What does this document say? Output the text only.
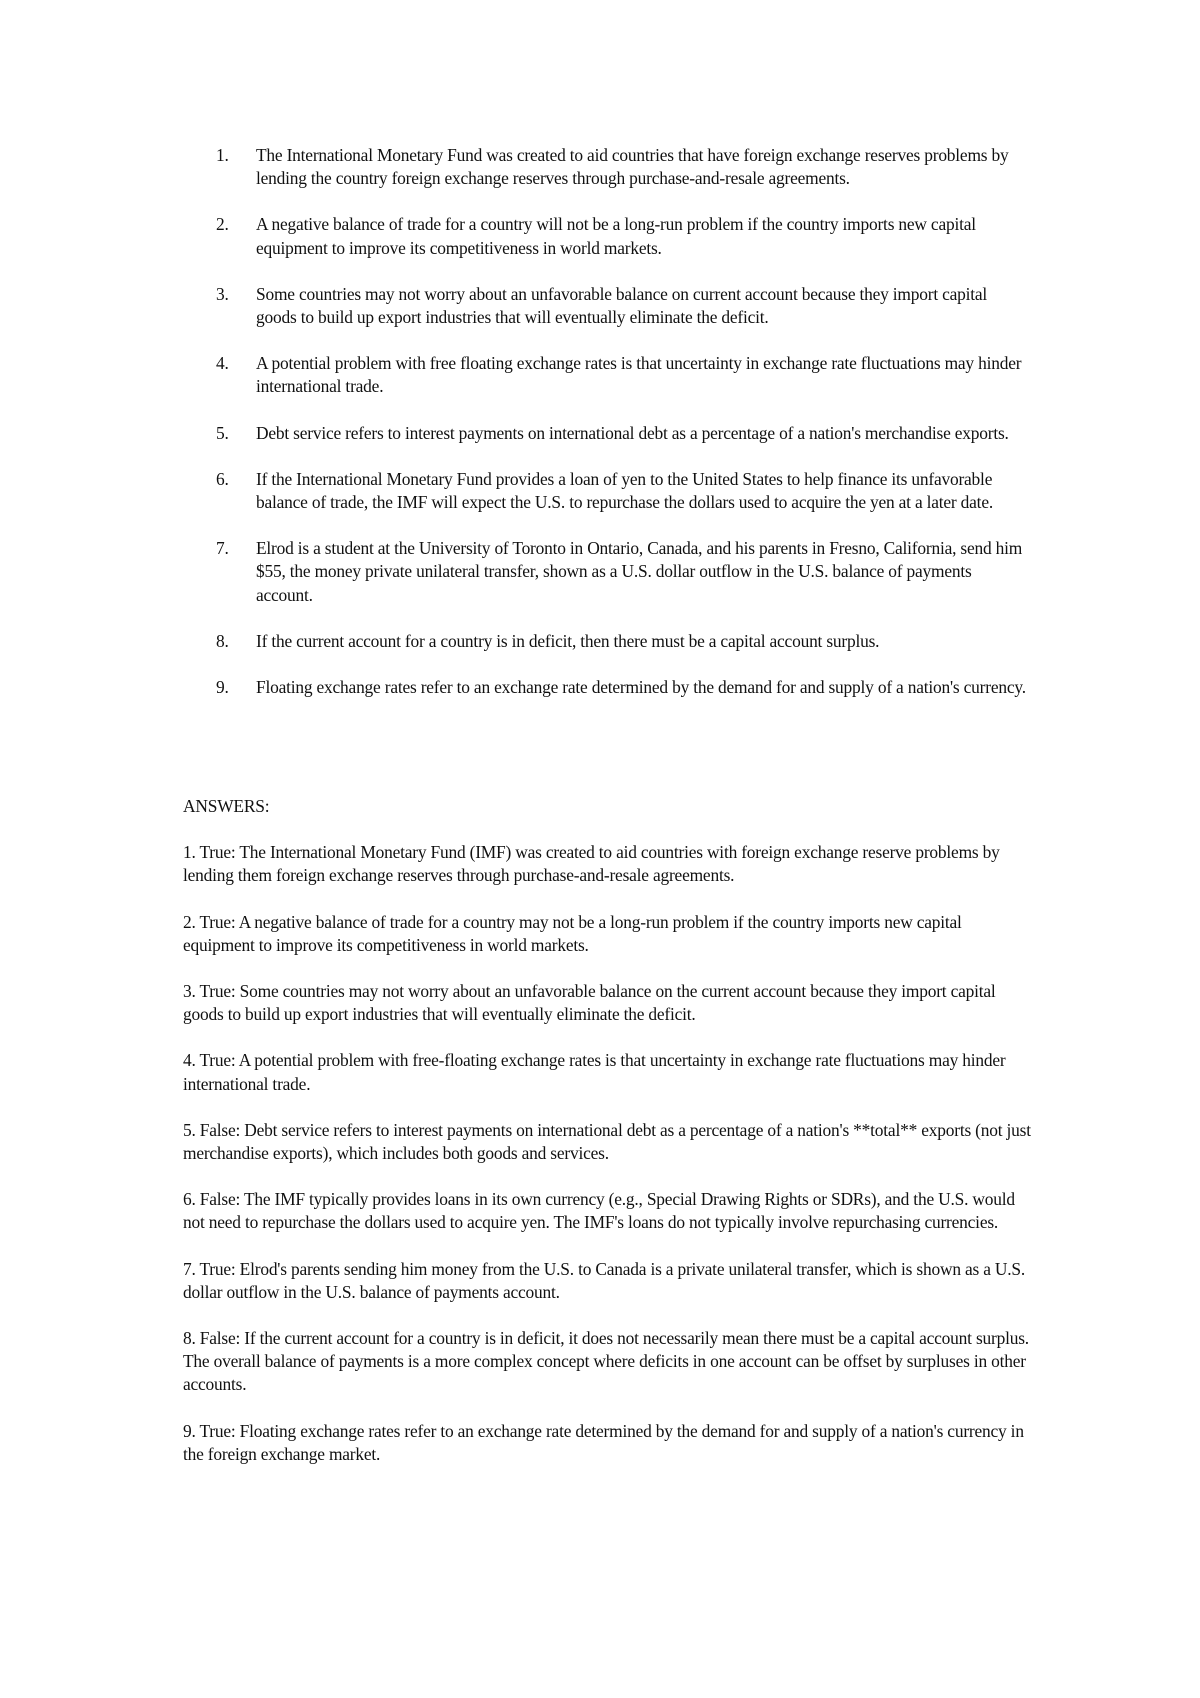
1.	The International Monetary Fund was created to aid countries that have foreign exchange reserves problems by lending the country foreign exchange reserves through purchase-and-resale agreements.
2.	A negative balance of trade for a country will not be a long-run problem if the country imports new capital equipment to improve its competitiveness in world markets.
3.	Some countries may not worry about an unfavorable balance on current account because they import capital goods to build up export industries that will eventually eliminate the deficit.
4.	A potential problem with free floating exchange rates is that uncertainty in exchange rate fluctuations may hinder international trade.
5.	Debt service refers to interest payments on international debt as a percentage of a nation's merchandise exports.
6.	If the International Monetary Fund provides a loan of yen to the United States to help finance its unfavorable balance of trade, the IMF will expect the U.S. to repurchase the dollars used to acquire the yen at a later date.
7.	Elrod is a student at the University of Toronto in Ontario, Canada, and his parents in Fresno, California, send him $55, the money private unilateral transfer, shown as a U.S. dollar outflow in the U.S. balance of payments account.
8.	If the current account for a country is in deficit, then there must be a capital account surplus.
9.	Floating exchange rates refer to an exchange rate determined by the demand for and supply of a nation's currency.

ANSWERS:

1. True: The International Monetary Fund (IMF) was created to aid countries with foreign exchange reserve problems by lending them foreign exchange reserves through purchase-and-resale agreements.

2. True: A negative balance of trade for a country may not be a long-run problem if the country imports new capital equipment to improve its competitiveness in world markets.

3. True: Some countries may not worry about an unfavorable balance on the current account because they import capital goods to build up export industries that will eventually eliminate the deficit.

4. True: A potential problem with free-floating exchange rates is that uncertainty in exchange rate fluctuations may hinder international trade.

5. False: Debt service refers to interest payments on international debt as a percentage of a nation's **total** exports (not just merchandise exports), which includes both goods and services.

6. False: The IMF typically provides loans in its own currency (e.g., Special Drawing Rights or SDRs), and the U.S. would not need to repurchase the dollars used to acquire yen. The IMF's loans do not typically involve repurchasing currencies.

7. True: Elrod's parents sending him money from the U.S. to Canada is a private unilateral transfer, which is shown as a U.S. dollar outflow in the U.S. balance of payments account.

8. False: If the current account for a country is in deficit, it does not necessarily mean there must be a capital account surplus. The overall balance of payments is a more complex concept where deficits in one account can be offset by surpluses in other accounts.

9. True: Floating exchange rates refer to an exchange rate determined by the demand for and supply of a nation's currency in the foreign exchange market.
